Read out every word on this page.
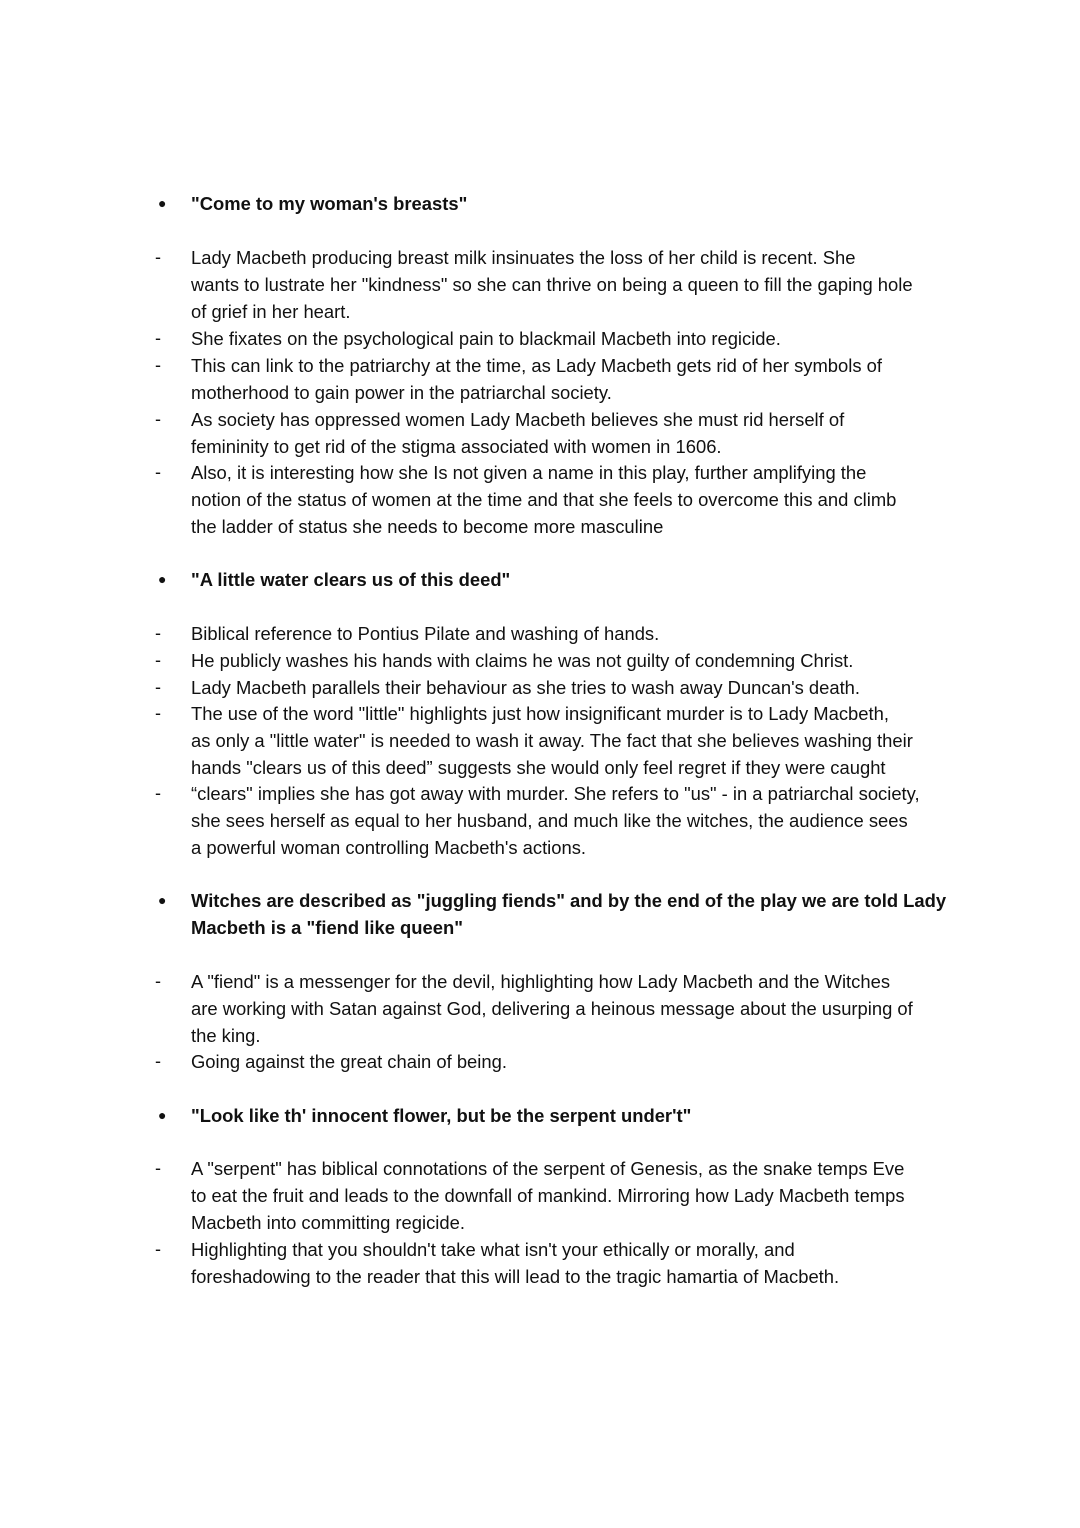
● "Come to my woman's breasts"
- Lady Macbeth producing breast milk insinuates the loss of her child is recent. She
wants to lustrate her "kindness" so she can thrive on being a queen to fill the gaping hole
of grief in her heart.
- She fixates on the psychological pain to blackmail Macbeth into regicide.
- This can link to the patriarchy at the time, as Lady Macbeth gets rid of her symbols of
motherhood to gain power in the patriarchal society.
- As society has oppressed women Lady Macbeth believes she must rid herself of
femininity to get rid of the stigma associated with women in 1606.
- Also, it is interesting how she Is not given a name in this play, further amplifying the
notion of the status of women at the time and that she feels to overcome this and climb
the ladder of status she needs to become more masculine
● "A little water clears us of this deed"
- Biblical reference to Pontius Pilate and washing of hands.
- He publicly washes his hands with claims he was not guilty of condemning Christ.
- Lady Macbeth parallels their behaviour as she tries to wash away Duncan's death.
- The use of the word "little" highlights just how insignificant murder is to Lady Macbeth,
as only a "little water" is needed to wash it away. The fact that she believes washing their
hands "clears us of this deed” suggests she would only feel regret if they were caught
- “clears" implies she has got away with murder. She refers to "us" - in a patriarchal society,
she sees herself as equal to her husband, and much like the witches, the audience sees
a powerful woman controlling Macbeth's actions.
● Witches are described as "juggling fiends" and by the end of the play we are told Lady
Macbeth is a "fiend like queen"
- A "fiend" is a messenger for the devil, highlighting how Lady Macbeth and the Witches
are working with Satan against God, delivering a heinous message about the usurping of
the king.
- Going against the great chain of being.
● "Look like th' innocent flower, but be the serpent under't"
- A "serpent" has biblical connotations of the serpent of Genesis, as the snake temps Eve
to eat the fruit and leads to the downfall of mankind. Mirroring how Lady Macbeth temps
Macbeth into committing regicide.
- Highlighting that you shouldn't take what isn't your ethically or morally, and
foreshadowing to the reader that this will lead to the tragic hamartia of Macbeth.
